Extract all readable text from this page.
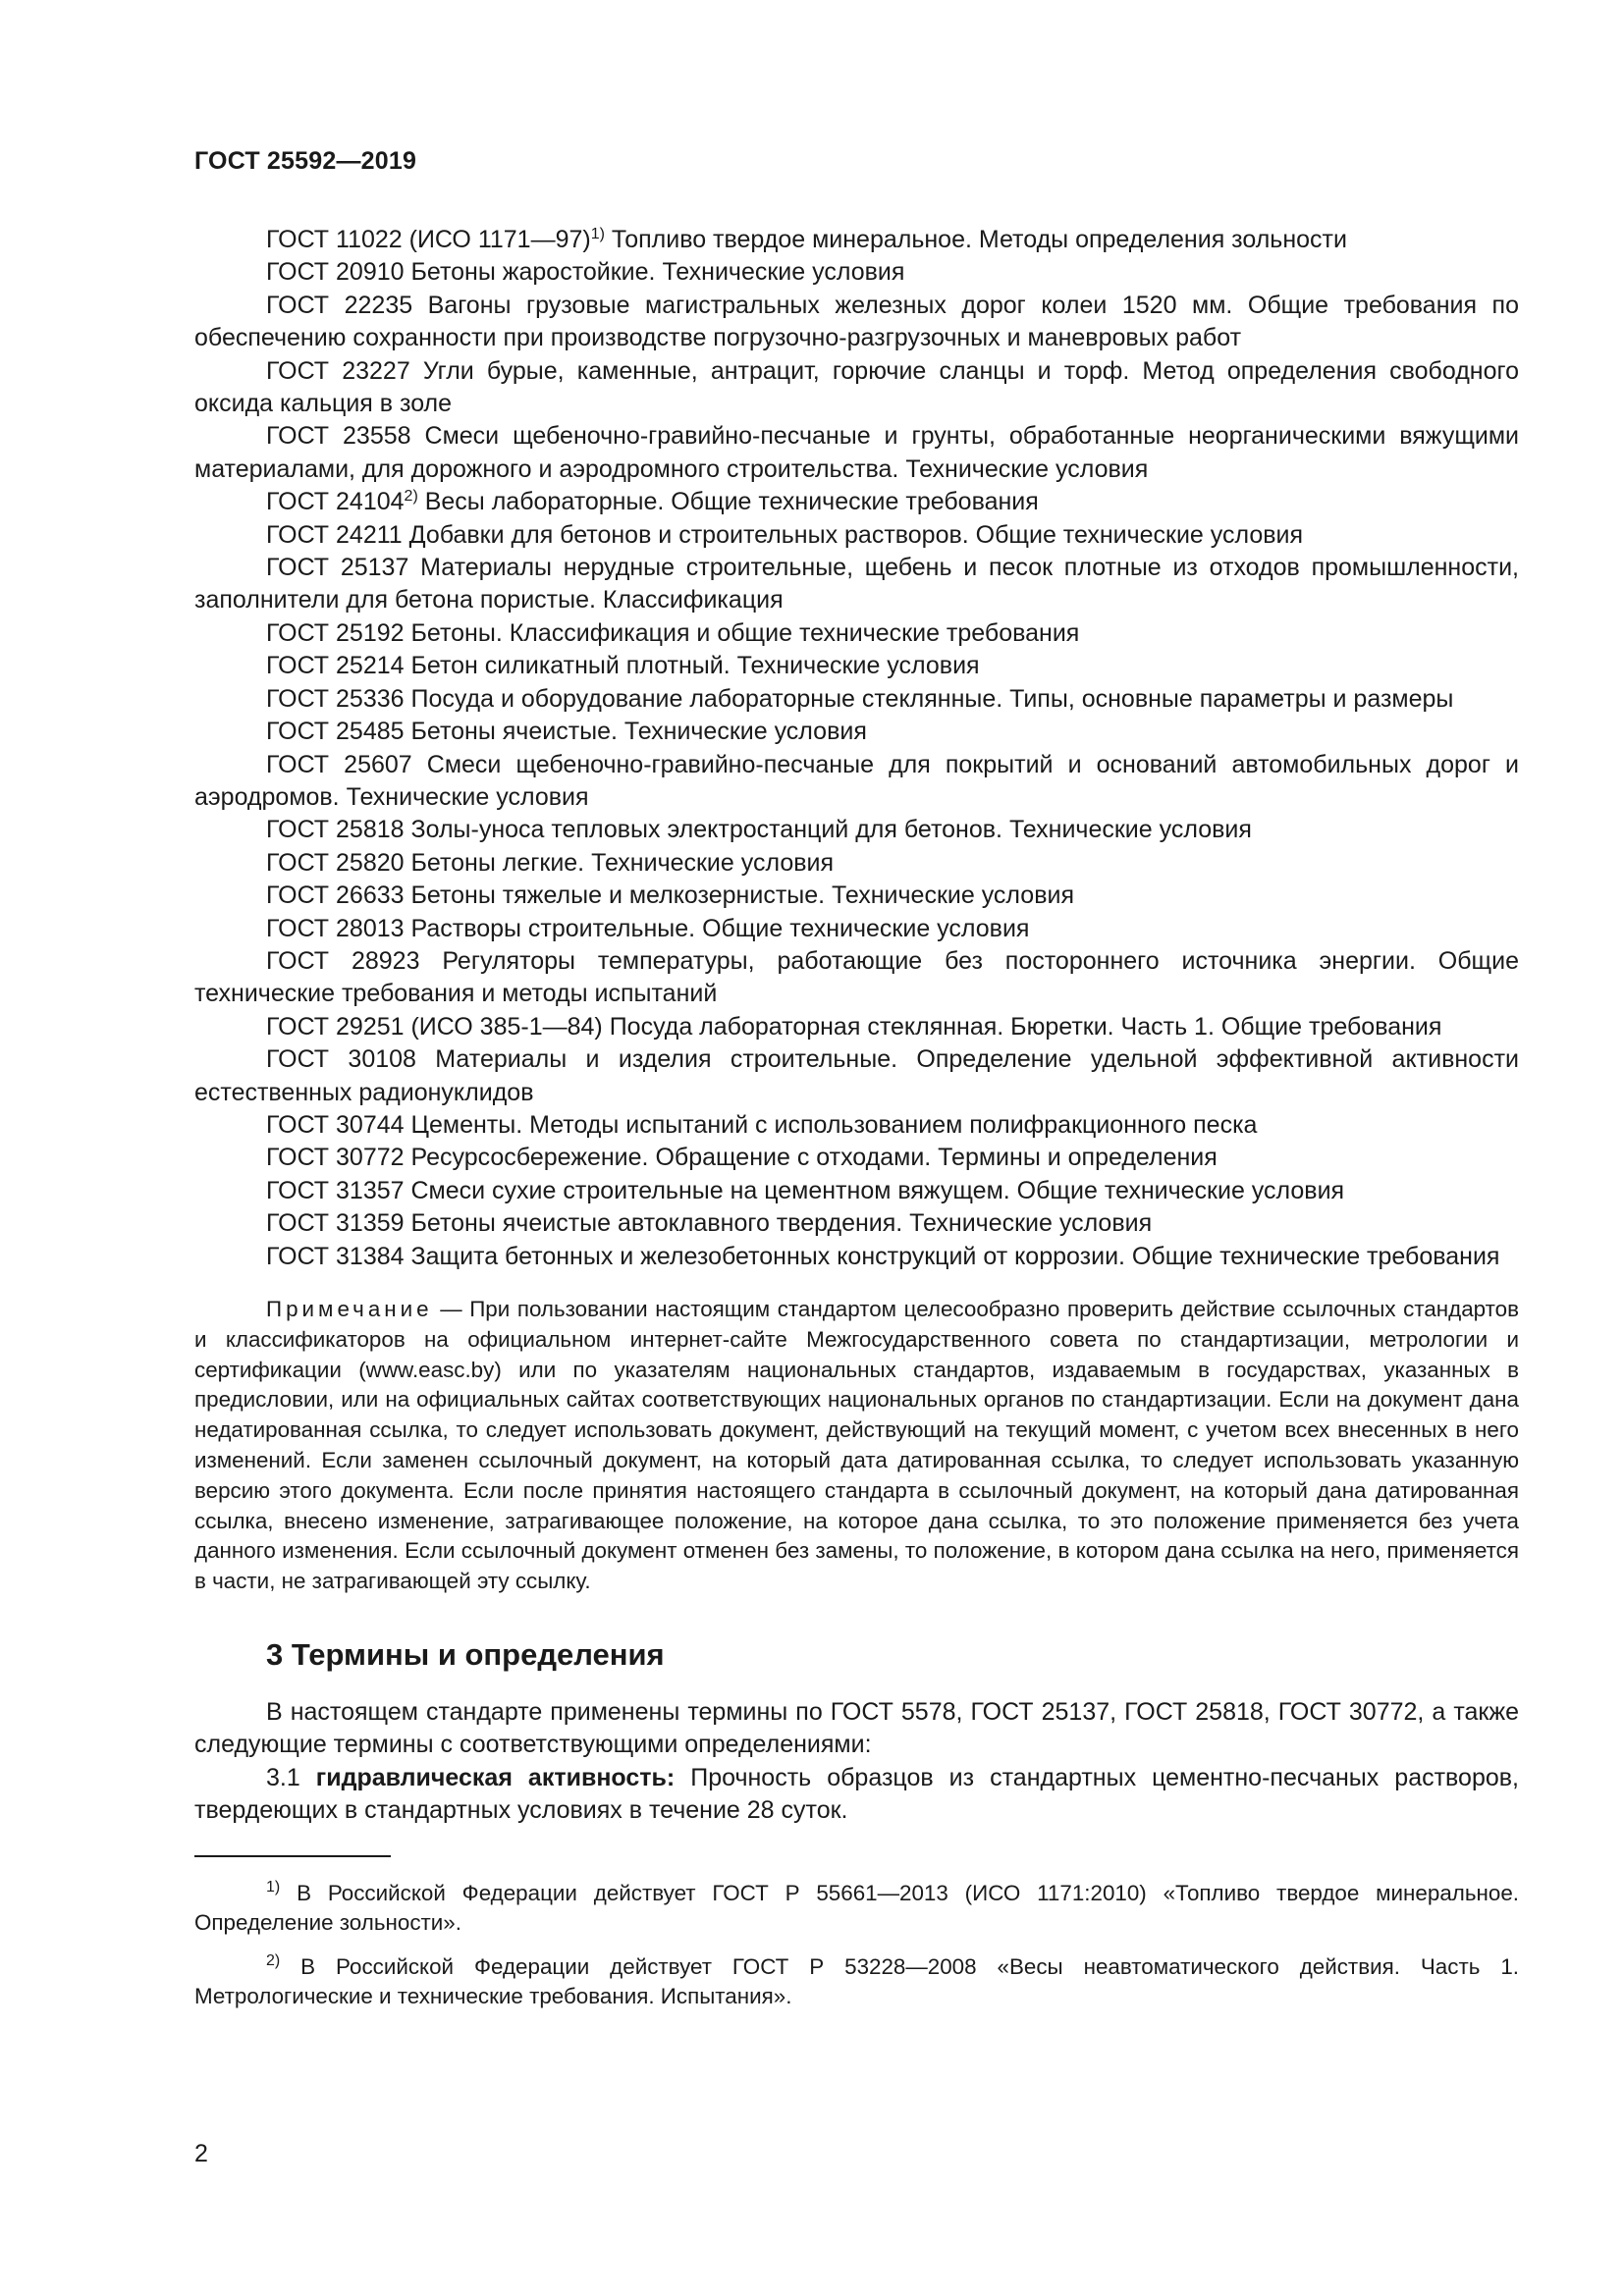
ГОСТ 25592—2019

ГОСТ 11022 (ИСО 1171—97)$^{1)}$ Топливо твердое минеральное. Методы определения зольности

ГОСТ 20910 Бетоны жаростойкие. Технические условия

ГОСТ 22235 Вагоны грузовые магистральных железных дорог колеи 1520 мм. Общие требования по обеспечению сохранности при производстве погрузочно-разгрузочных и маневровых работ

ГОСТ 23227 Угли бурые, каменные, антрацит, горючие сланцы и торф. Метод определения свободного оксида кальция в золе

ГОСТ 23558 Смеси щебеночно-гравийно-песчаные и грунты, обработанные неорганическими вяжущими материалами, для дорожного и аэродромного строительства. Технические условия

ГОСТ 24104$^{2)}$ Весы лабораторные. Общие технические требования

ГОСТ 24211 Добавки для бетонов и строительных растворов. Общие технические условия

ГОСТ 25137 Материалы нерудные строительные, щебень и песок плотные из отходов промышленности, заполнители для бетона пористые. Классификация

ГОСТ 25192 Бетоны. Классификация и общие технические требования

ГОСТ 25214 Бетон силикатный плотный. Технические условия

ГОСТ 25336 Посуда и оборудование лабораторные стеклянные. Типы, основные параметры и размеры

ГОСТ 25485 Бетоны ячеистые. Технические условия

ГОСТ 25607 Смеси щебеночно-гравийно-песчаные для покрытий и оснований автомобильных дорог и аэродромов. Технические условия

ГОСТ 25818 Золы-уноса тепловых электростанций для бетонов. Технические условия

ГОСТ 25820 Бетоны легкие. Технические условия

ГОСТ 26633 Бетоны тяжелые и мелкозернистые. Технические условия

ГОСТ 28013 Растворы строительные. Общие технические условия

ГОСТ 28923 Регуляторы температуры, работающие без постороннего источника энергии. Общие технические требования и методы испытаний

ГОСТ 29251 (ИСО 385-1—84) Посуда лабораторная стеклянная. Бюретки. Часть 1. Общие требования

ГОСТ 30108 Материалы и изделия строительные. Определение удельной эффективной активности естественных радионуклидов

ГОСТ 30744 Цементы. Методы испытаний с использованием полифракционного песка

ГОСТ 30772 Ресурсосбережение. Обращение с отходами. Термины и определения

ГОСТ 31357 Смеси сухие строительные на цементном вяжущем. Общие технические условия

ГОСТ 31359 Бетоны ячеистые автоклавного твердения. Технические условия

ГОСТ 31384 Защита бетонных и железобетонных конструкций от коррозии. Общие технические требования

Примечание — При пользовании настоящим стандартом целесообразно проверить действие ссылочных стандартов и классификаторов на официальном интернет-сайте Межгосударственного совета по стандартизации, метрологии и сертификации (www.easc.by) или по указателям национальных стандартов, издаваемым в государствах, указанных в предисловии, или на официальных сайтах соответствующих национальных органов по стандартизации. Если на документ дана недатированная ссылка, то следует использовать документ, действующий на текущий момент, с учетом всех внесенных в него изменений. Если заменен ссылочный документ, на который дата датированная ссылка, то следует использовать указанную версию этого документа. Если после принятия настоящего стандарта в ссылочный документ, на который дана датированная ссылка, внесено изменение, затрагивающее положение, на которое дана ссылка, то это положение применяется без учета данного изменения. Если ссылочный документ отменен без замены, то положение, в котором дана ссылка на него, применяется в части, не затрагивающей эту ссылку.

3 Термины и определения

В настоящем стандарте применены термины по ГОСТ 5578, ГОСТ 25137, ГОСТ 25818, ГОСТ 30772, а также следующие термины с соответствующими определениями:

3.1 гидравлическая активность: Прочность образцов из стандартных цементно-песчаных растворов, твердеющих в стандартных условиях в течение 28 суток.

$^{1)}$ В Российской Федерации действует ГОСТ Р 55661—2013 (ИСО 1171:2010) «Топливо твердое минеральное. Определение зольности».

$^{2)}$ В Российской Федерации действует ГОСТ Р 53228—2008 «Весы неавтоматического действия. Часть 1. Метрологические и технические требования. Испытания».

2
